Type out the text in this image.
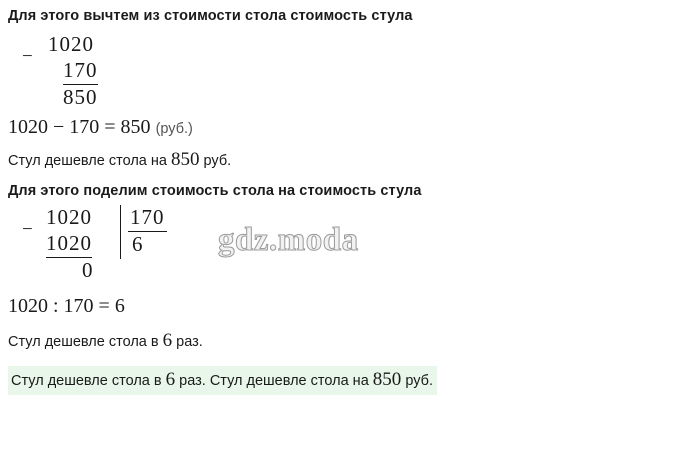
Для этого вычтем из стоимости стола стоимость стула
−
1020
170
850
1020 − 170 = 850 (руб.)
Стул дешевле стола на 850 руб.
Для этого поделим стоимость стола на стоимость стула
−
1020
1020
0
170
6
1020 : 170 = 6
Стул дешевле стола в 6 раз.
Стул дешевле стола в 6 раз. Стул дешевле стола на 850 руб.
gdz.moda
